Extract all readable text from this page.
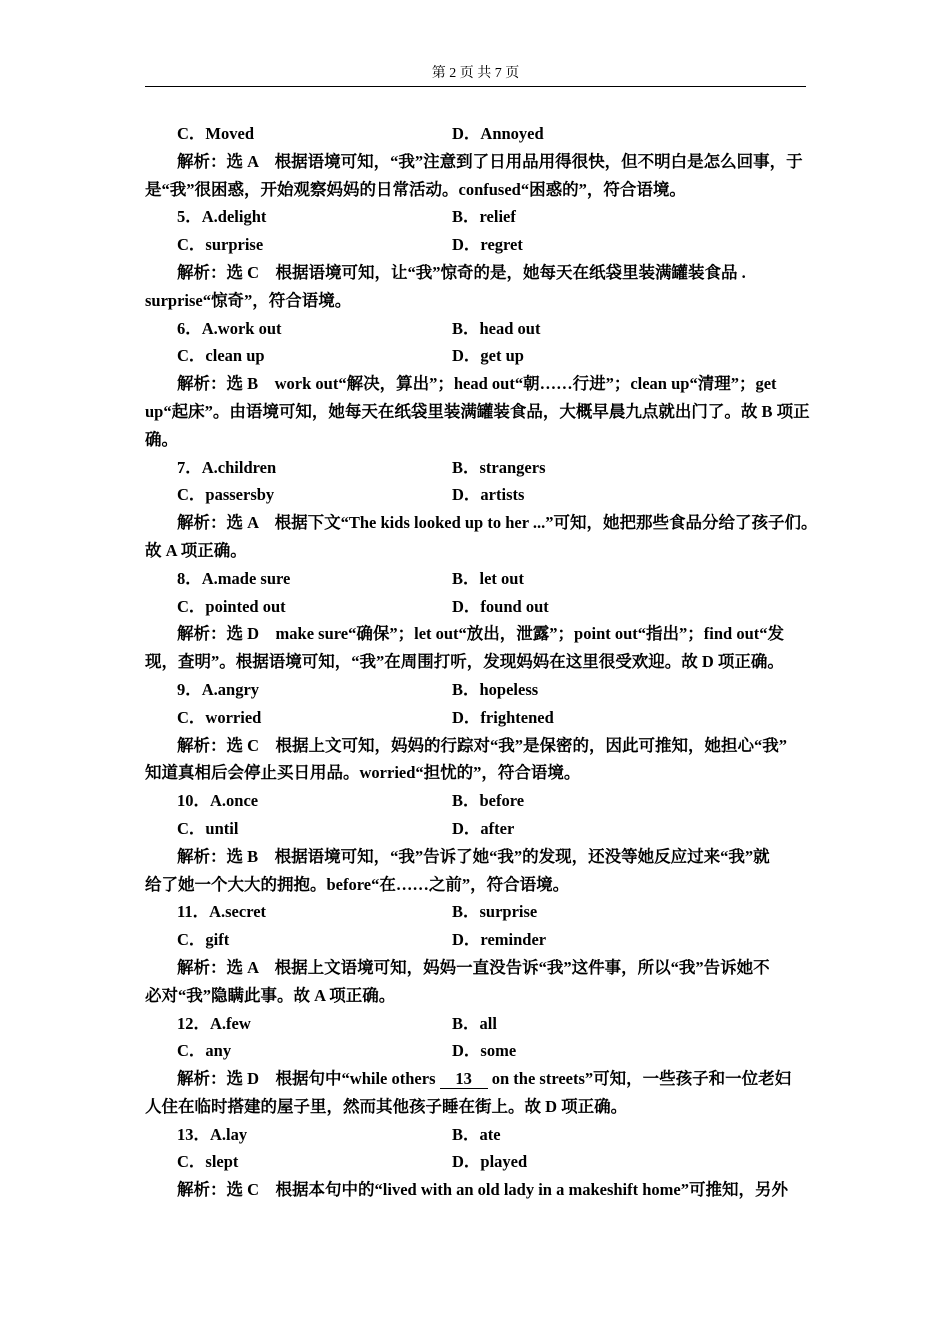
第 2 页 共 7 页
C．Moved	D．Annoyed
解析：选 A　根据语境可知，“我”注意到了日用品用得很快，但不明白是怎么回事，于
是“我”很困惑，开始观察妈妈的日常活动。confused“困惑的”，符合语境。
5．A.delight	B．relief
C．surprise	D．regret
解析：选 C　根据语境可知，让“我”惊奇的是，她每天在纸袋里装满罐装食品 .
surprise“惊奇”，符合语境。
6．A.work out	B．head out
C．clean up	D．get up
解析：选 B　work out“解决，算出”；head out“朝……行进”；clean up“清理”；get
up“起床”。由语境可知，她每天在纸袋里装满罐装食品，大概早晨九点就出门了。故 B 项正
确。
7．A.children	B．strangers
C．passersby	D．artists
解析：选 A　根据下文“The kids looked up to her ...”可知，她把那些食品分给了孩子们。
故 A 项正确。
8．A.made sure	B．let out
C．pointed out	D．found out
解析：选 D　make sure“确保”；let out“放出，泄露”；point out“指出”；find out“发
现，查明”。根据语境可知，“我”在周围打听，发现妈妈在这里很受欢迎。故 D 项正确。
9．A.angry	B．hopeless
C．worried	D．frightened
解析：选 C　根据上文可知，妈妈的行踪对“我”是保密的，因此可推知，她担心“我”
知道真相后会停止买日用品。worried“担忧的”，符合语境。
10．A.once	B．before
C．until	D．after
解析：选 B　根据语境可知，“我”告诉了她“我”的发现，还没等她反应过来“我”就
给了她一个大大的拥抱。before“在……之前”，符合语境。
11．A.secret	B．surprise
C．gift	D．reminder
解析：选 A　根据上文语境可知，妈妈一直没告诉“我”这件事，所以“我”告诉她不
必对“我”隐瞒此事。故 A 项正确。
12．A.few	B．all
C．any	D．some
解析：选 D　根据句中“while others 13 on the streets”可知，一些孩子和一位老妇
人住在临时搭建的屋子里，然而其他孩子睡在街上。故 D 项正确。
13．A.lay	B．ate
C．slept	D．played
解析：选 C　根据本句中的“lived with an old lady in a makeshift home”可推知，另外
